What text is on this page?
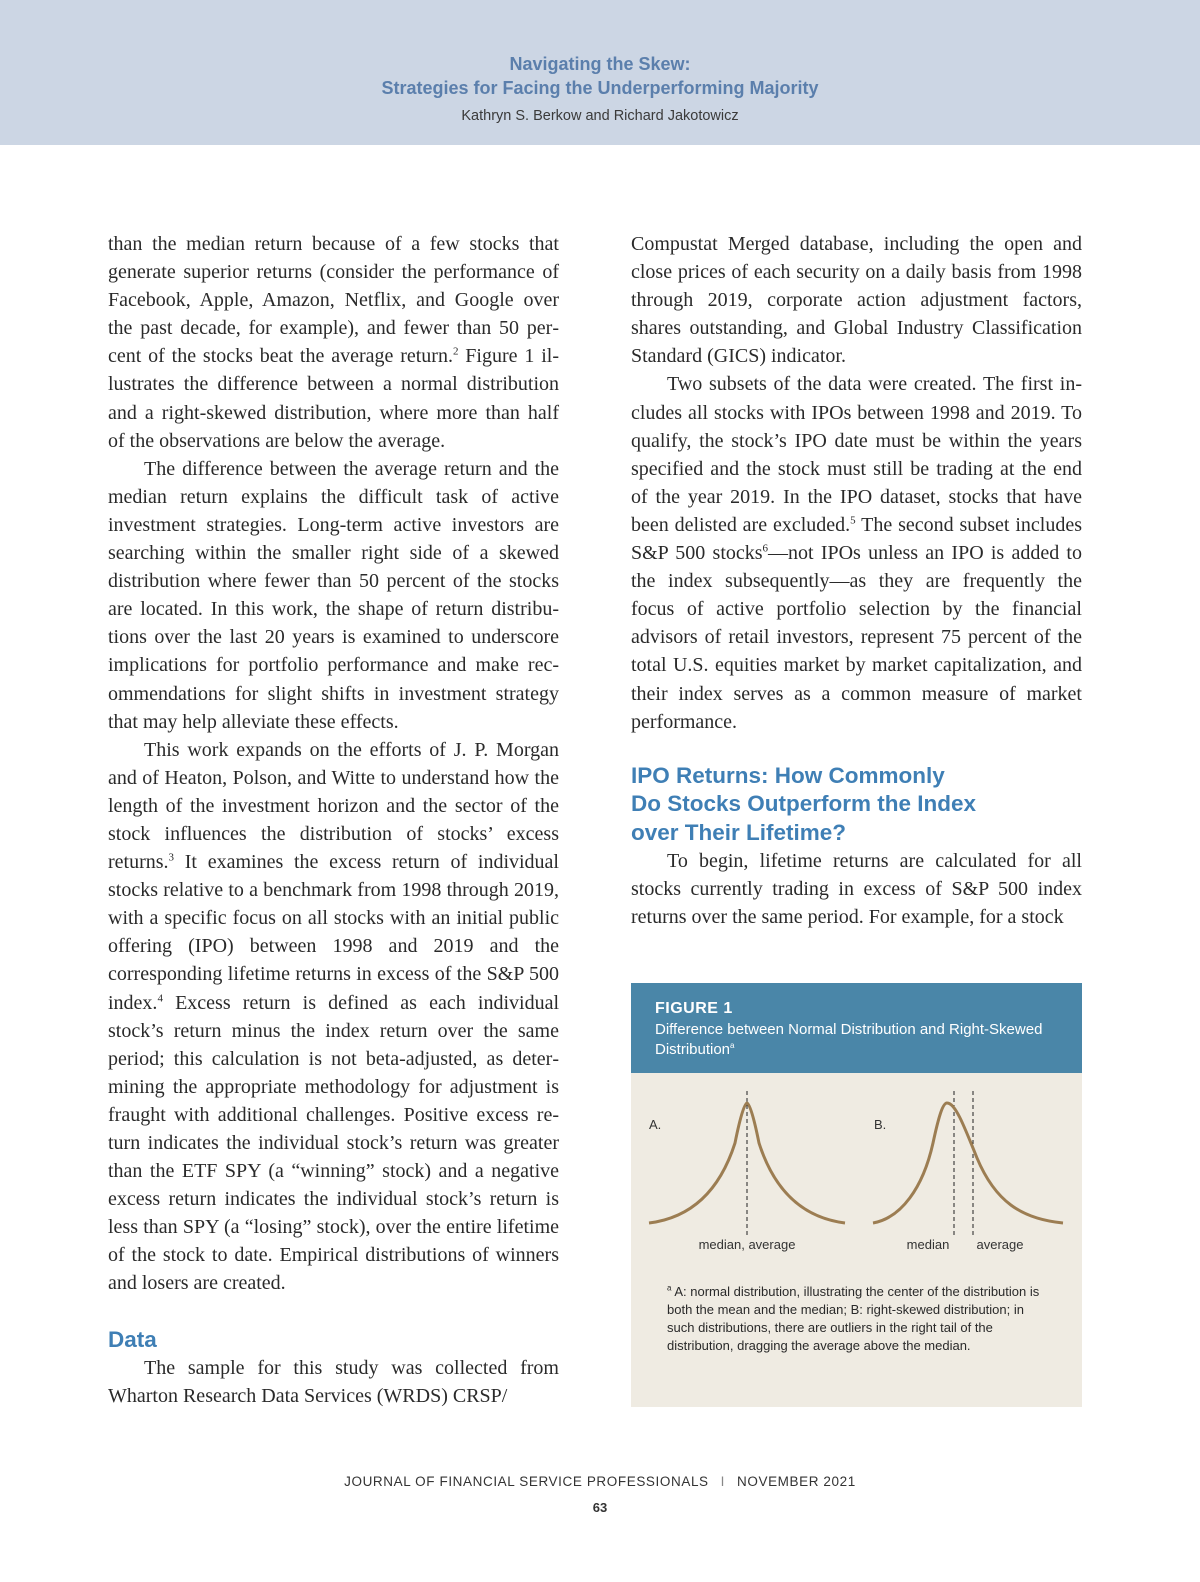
Navigating the Skew:

Strategies for Facing the Underperforming Majority

Kathryn S. Berkow and Richard Jakotowicz

than the median return because of a few stocks that generate superior returns (consider the performance of Facebook, Apple, Amazon, Netflix, and Google over the past decade, for example), and fewer than 50 percent of the stocks beat the average return.$^2$ Figure 1 illustrates the difference between a normal distribution and a right-skewed distribution, where more than half of the observations are below the average.

The difference between the average return and the median return explains the difficult task of active investment strategies. Long-term active investors are searching within the smaller right side of a skewed distribution where fewer than 50 percent of the stocks are located. In this work, the shape of return distributions over the last 20 years is examined to underscore implications for portfolio performance and make recommendations for slight shifts in investment strategy that may help alleviate these effects.

This work expands on the efforts of J. P. Morgan and of Heaton, Polson, and Witte to understand how the length of the investment horizon and the sector of the stock influences the distribution of stocks’ excess returns.$^3$ It examines the excess return of individual stocks relative to a benchmark from 1998 through 2019, with a specific focus on all stocks with an initial public offering (IPO) between 1998 and 2019 and the corresponding lifetime returns in excess of the S&P 500 index.$^4$ Excess return is defined as each individual stock’s return minus the index return over the same period; this calculation is not beta-adjusted, as determining the appropriate methodology for adjustment is fraught with additional challenges. Positive excess return indicates the individual stock’s return was greater than the ETF SPY (a “winning” stock) and a negative excess return indicates the individual stock’s return is less than SPY (a “losing” stock), over the entire lifetime of the stock to date. Empirical distributions of winners and losers are created.

Data

The sample for this study was collected from Wharton Research Data Services (WRDS) CRSP/

Compustat Merged database, including the open and close prices of each security on a daily basis from 1998 through 2019, corporate action adjustment factors, shares outstanding, and Global Industry Classification Standard (GICS) indicator.

Two subsets of the data were created. The first includes all stocks with IPOs between 1998 and 2019. To qualify, the stock’s IPO date must be within the years specified and the stock must still be trading at the end of the year 2019. In the IPO dataset, stocks that have been delisted are excluded.$^5$ The second subset includes S&P 500 stocks$^6$—not IPOs unless an IPO is added to the index subsequently—as they are frequently the focus of active portfolio selection by the financial advisors of retail investors, represent 75 percent of the total U.S. equities market by market capitalization, and their index serves as a common measure of market performance.

IPO Returns: How Commonly
Do Stocks Outperform the Index
over Their Lifetime?

To begin, lifetime returns are calculated for all stocks currently trading in excess of S&P 500 index returns over the same period. For example, for a stock

FIGURE 1

Difference between Normal Distribution and Right-Skewed Distribution$^a$

A.	B.
median, average	median average

$^a$ A: normal distribution, illustrating the center of the distribution is both the mean and the median; B: right-skewed distribution; in such distributions, there are outliers in the right tail of the distribution, dragging the average above the median.

JOURNAL OF FINANCIAL SERVICE PROFESSIONALS I NOVEMBER 2021

63
